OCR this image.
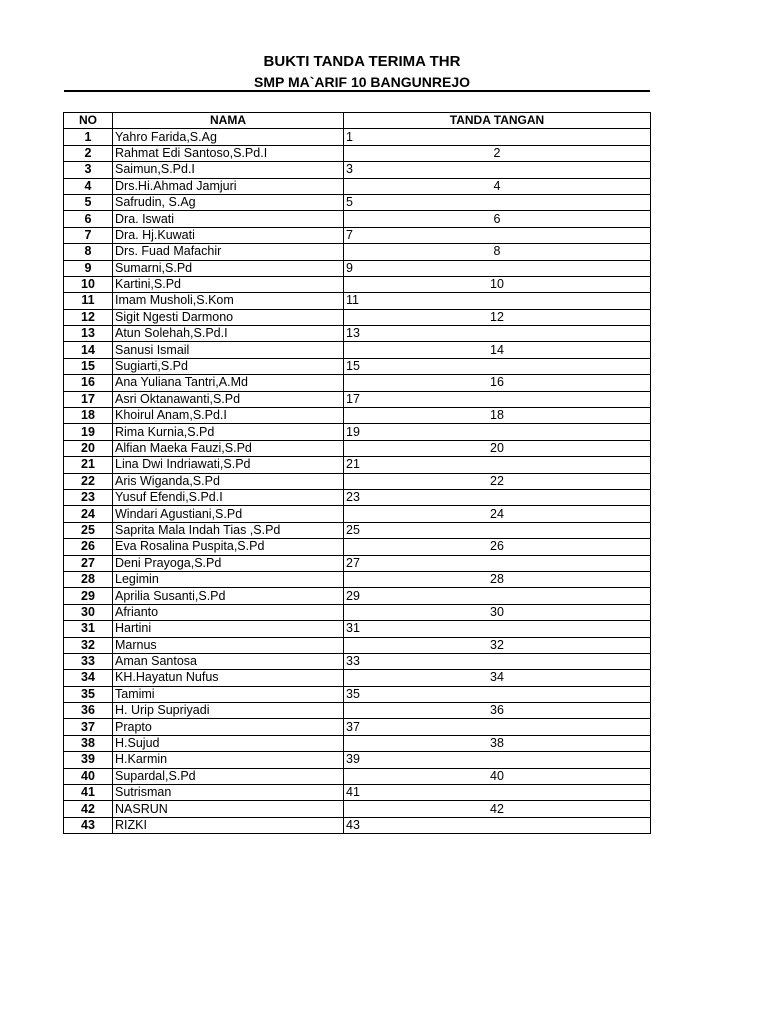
BUKTI TANDA TERIMA THR
SMP MA`ARIF 10 BANGUNREJO
NO	NAMA	TANDA TANGAN
1	Yahro Farida,S.Ag	1
2	Rahmat Edi Santoso,S.Pd.I	2
3	Saimun,S.Pd.I	3
4	Drs.Hi.Ahmad Jamjuri	4
5	Safrudin, S.Ag	5
6	Dra. Iswati	6
7	Dra. Hj.Kuwati	7
8	Drs. Fuad Mafachir	8
9	Sumarni,S.Pd	9
10	Kartini,S.Pd	10
11	Imam Musholi,S.Kom	11
12	Sigit Ngesti Darmono	12
13	Atun Solehah,S.Pd.I	13
14	Sanusi Ismail	14
15	Sugiarti,S.Pd	15
16	Ana Yuliana Tantri,A.Md	16
17	Asri Oktanawanti,S.Pd	17
18	Khoirul Anam,S.Pd.I	18
19	Rima Kurnia,S.Pd	19
20	Alfian Maeka Fauzi,S.Pd	20
21	Lina Dwi Indriawati,S.Pd	21
22	Aris Wiganda,S.Pd	22
23	Yusuf Efendi,S.Pd.I	23
24	Windari Agustiani,S.Pd	24
25	Saprita Mala Indah Tias ,S.Pd	25
26	Eva Rosalina Puspita,S.Pd	26
27	Deni Prayoga,S.Pd	27
28	Legimin	28
29	Aprilia Susanti,S.Pd	29
30	Afrianto	30
31	Hartini	31
32	Marnus	32
33	Aman Santosa	33
34	KH.Hayatun Nufus	34
35	Tamimi	35
36	H. Urip Supriyadi	36
37	Prapto	37
38	H.Sujud	38
39	H.Karmin	39
40	Supardal,S.Pd	40
41	Sutrisman	41
42	NASRUN	42
43	RIZKI	43
